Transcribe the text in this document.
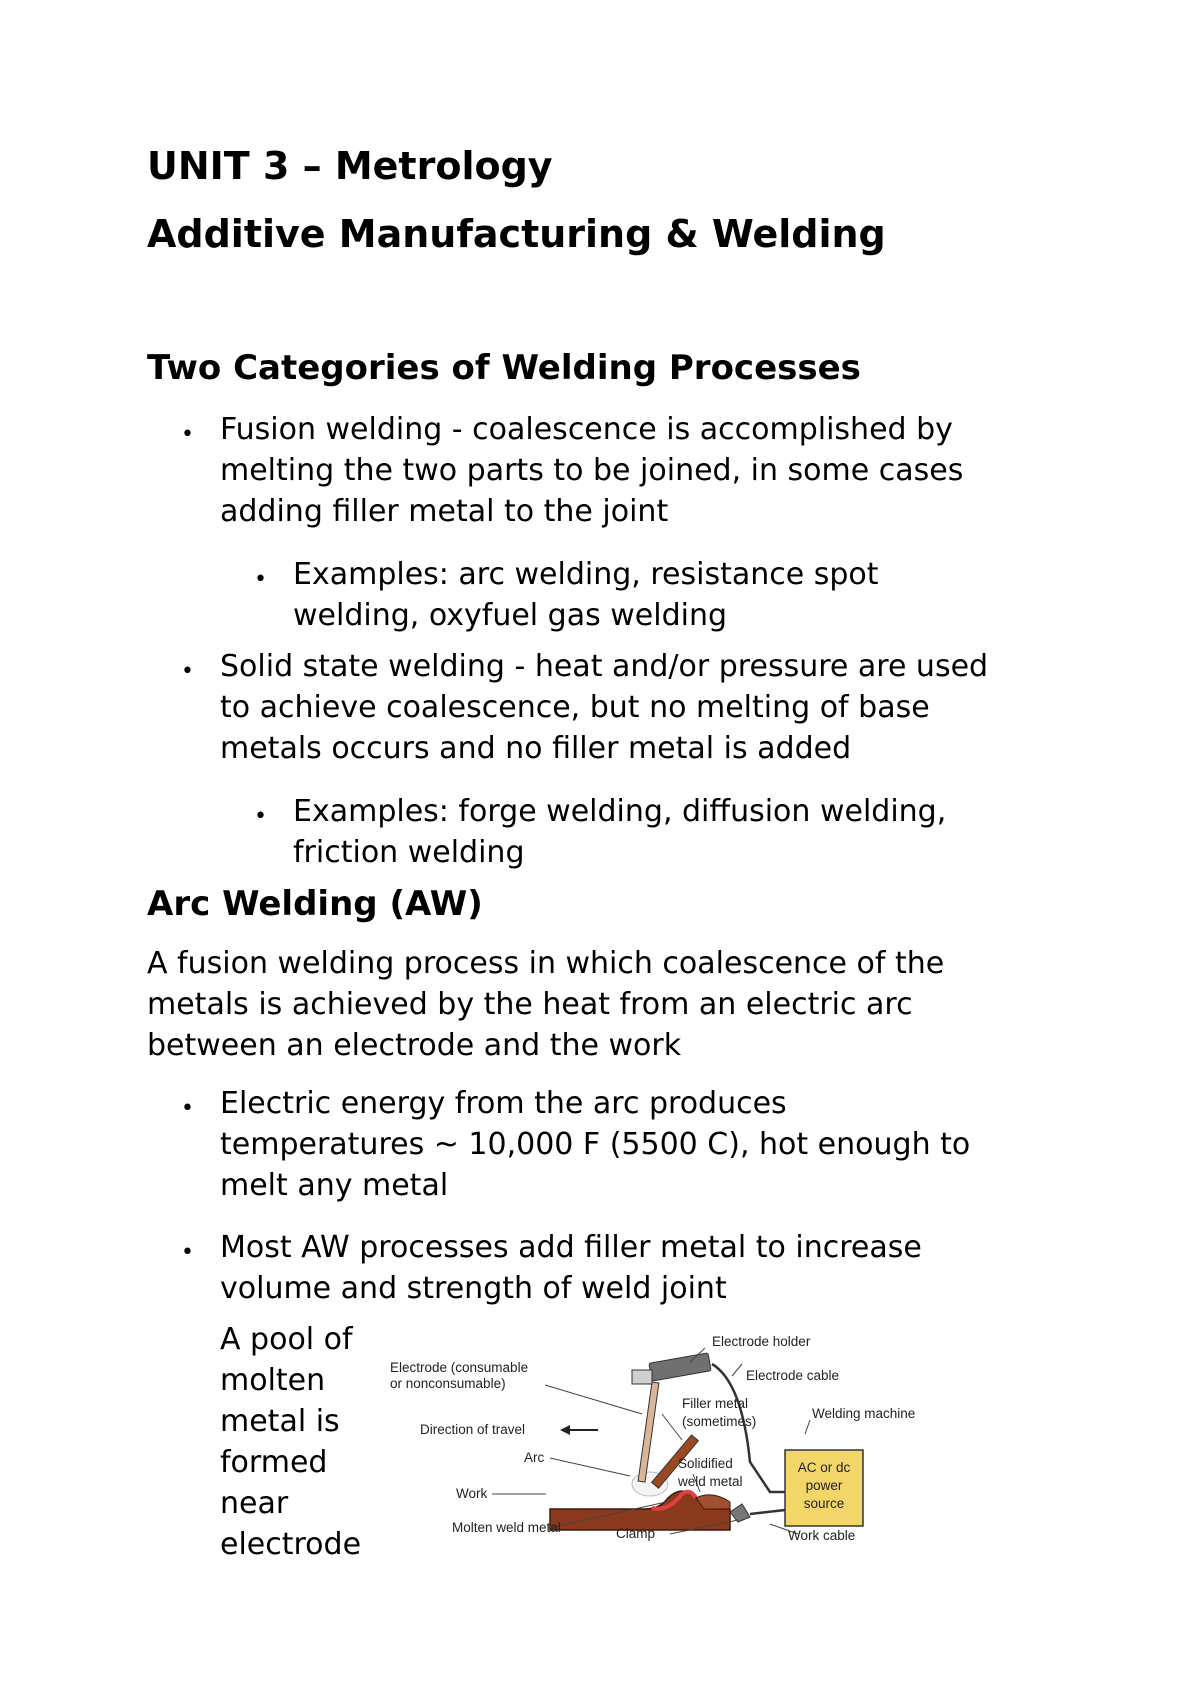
UNIT 3 – Metrology
Additive Manufacturing & Welding
Two Categories of Welding Processes
• Fusion welding - coalescence is accomplished by
melting the two parts to be joined, in some cases
adding filler metal to the joint
• Examples: arc welding, resistance spot
welding, oxyfuel gas welding
• Solid state welding - heat and/or pressure are used
to achieve coalescence, but no melting of base
metals occurs and no filler metal is added
• Examples: forge welding, diffusion welding,
friction welding
Arc Welding (AW)
A fusion welding process in which coalescence of the
metals is achieved by the heat from an electric arc
between an electrode and the work
• Electric energy from the arc produces
temperatures ~ 10,000 F (5500 C), hot enough to
melt any metal
• Most AW processes add filler metal to increase
volume and strength of weld joint
A pool of
molten
metal is
formed
near
electrode
AC or dc
power
source
Electrode holder
Electrode (consumable
or nonconsumable)
Electrode cable
Filler metal
(sometimes)
Welding machine
Direction of travel
Arc	Solidified
weld metal
Work
Molten weld metal	Clamp	Work cable
